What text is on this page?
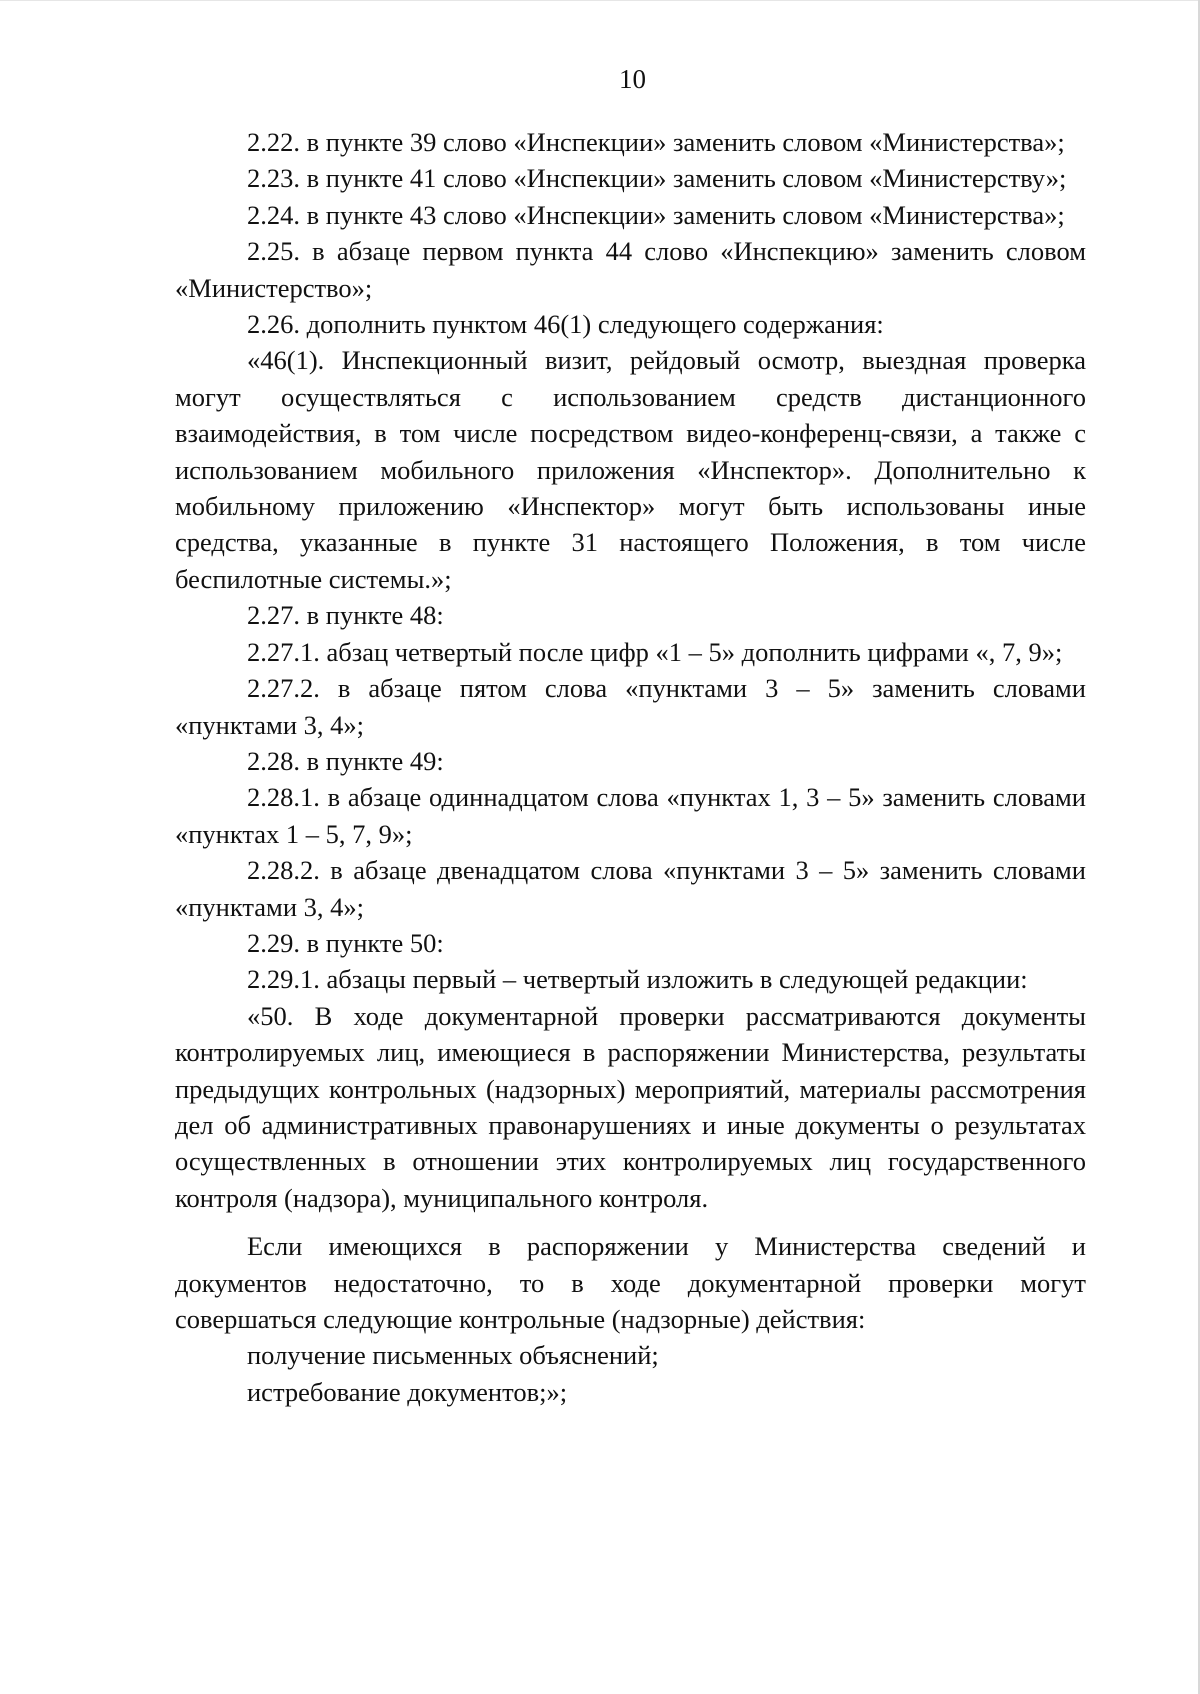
10

2.22. в пункте 39 слово «Инспекции» заменить словом «Министерства»;

2.23. в пункте 41 слово «Инспекции» заменить словом «Министерству»;

2.24. в пункте 43 слово «Инспекции» заменить словом «Министерства»;

2.25. в абзаце первом пункта 44 слово «Инспекцию» заменить словом «Министерство»;

2.26. дополнить пунктом 46(1) следующего содержания:

«46(1). Инспекционный визит, рейдовый осмотр, выездная проверка могут осуществляться с использованием средств дистанционного взаимодействия, в том числе посредством видео-конференц-связи, а также с использованием мобильного приложения «Инспектор». Дополнительно к мобильному приложению «Инспектор» могут быть использованы иные средства, указанные в пункте 31 настоящего Положения, в том числе беспилотные системы.»;

2.27. в пункте 48:

2.27.1. абзац четвертый после цифр «1 – 5» дополнить цифрами «, 7, 9»;

2.27.2. в абзаце пятом слова «пунктами 3 – 5» заменить словами «пунктами 3, 4»;

2.28. в пункте 49:

2.28.1. в абзаце одиннадцатом слова «пунктах 1, 3 – 5» заменить словами «пунктах 1 – 5, 7, 9»;

2.28.2. в абзаце двенадцатом слова «пунктами 3 – 5» заменить словами «пунктами 3, 4»;

2.29. в пункте 50:

2.29.1. абзацы первый – четвертый изложить в следующей редакции:

«50. В ходе документарной проверки рассматриваются документы контролируемых лиц, имеющиеся в распоряжении Министерства, результаты предыдущих контрольных (надзорных) мероприятий, материалы рассмотрения дел об административных правонарушениях и иные документы о результатах осуществленных в отношении этих контролируемых лиц государственного контроля (надзора), муниципального контроля.

Если имеющихся в распоряжении у Министерства сведений и документов недостаточно, то в ходе документарной проверки могут совершаться следующие контрольные (надзорные) действия:

получение письменных объяснений;

истребование документов;»;
